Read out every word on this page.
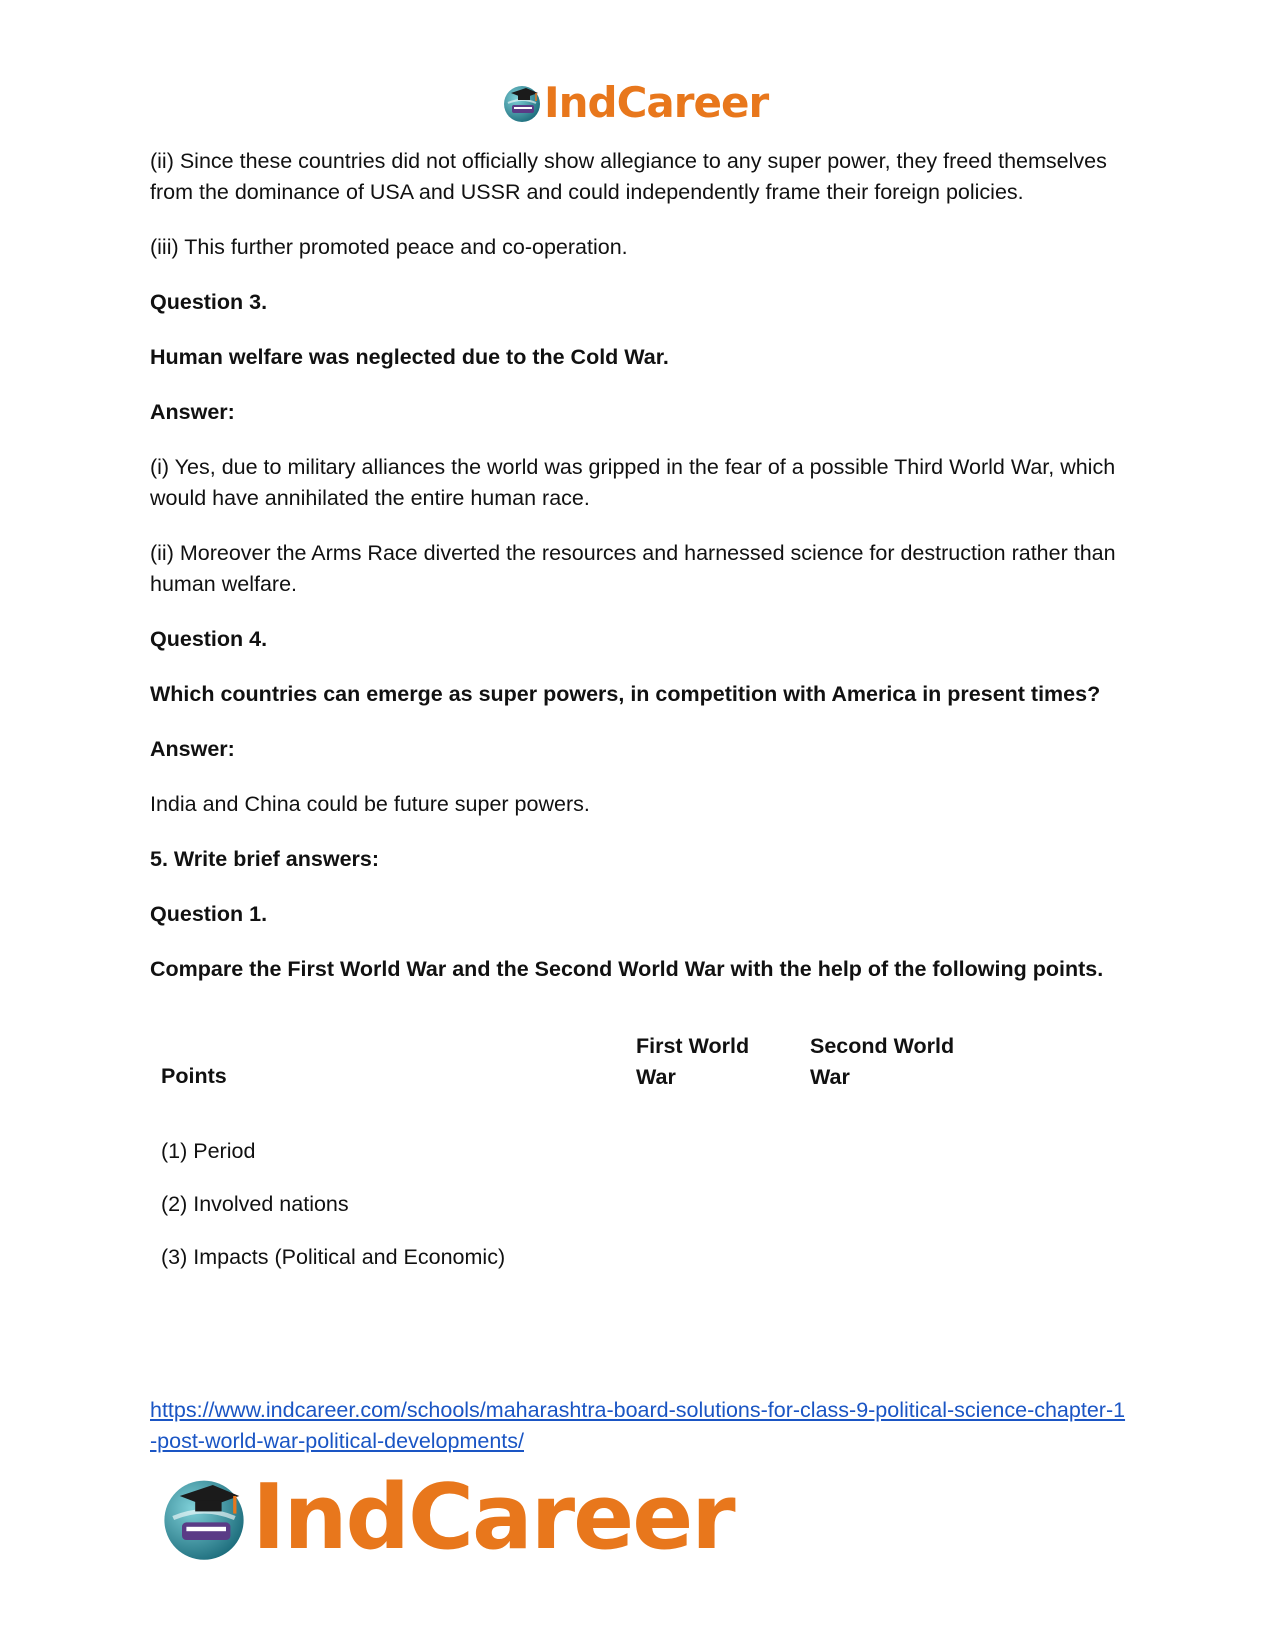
IndCareer

(ii) Since these countries did not officially show allegiance to any super power, they freed themselves from the dominance of USA and USSR and could independently frame their foreign policies.

(iii) This further promoted peace and co-operation.

Question 3.

Human welfare was neglected due to the Cold War.

Answer:

(i) Yes, due to military alliances the world was gripped in the fear of a possible Third World War, which would have annihilated the entire human race.

(ii) Moreover the Arms Race diverted the resources and harnessed science for destruction rather than human welfare.

Question 4.

Which countries can emerge as super powers, in competition with America in present times?

Answer:

India and China could be future super powers.

5. Write brief answers:

Question 1.

Compare the First World War and the Second World War with the help of the following points.

Points
First World War
Second World War
(1) Period
(2) Involved nations
(3) Impacts (Political and Economic)
https://www.indcareer.com/schools/maharashtra-board-solutions-for-class-9-political-science-chapter-1-post-world-war-political-developments/
IndCareer
